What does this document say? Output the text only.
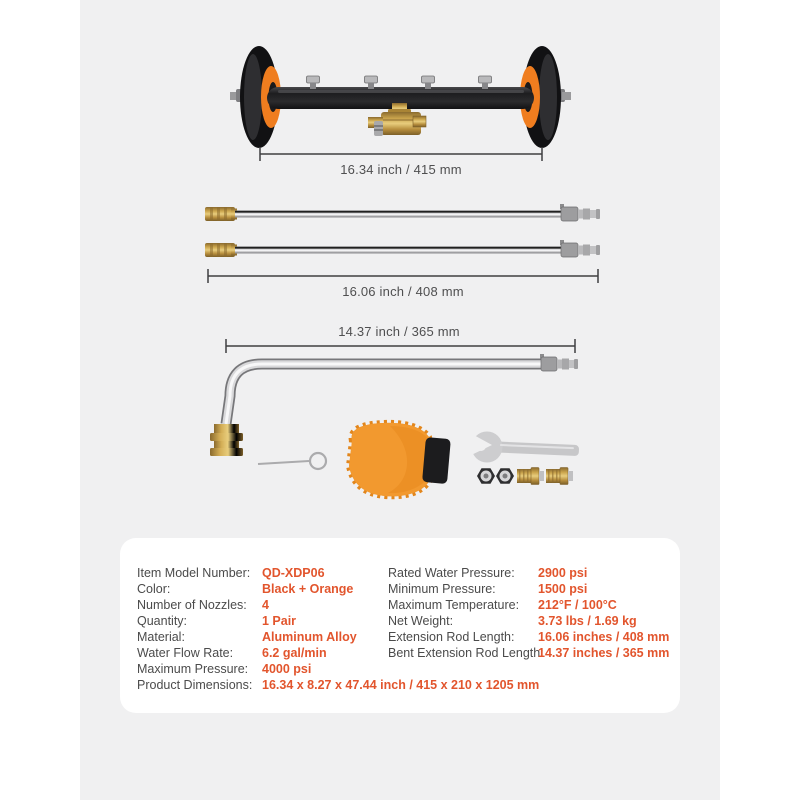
16.34 inch / 415 mm
16.06 inch / 408 mm
14.37 inch / 365 mm
Item Model Number: QD-XDP06
Color:	Black + Orange
Number of Nozzles:	4
Quantity:	1 Pair
Material:	Aluminum Alloy
Water Flow Rate:	6.2 gal/min
Maximum Pressure:	4000 psi
Product Dimensions: 16.34 x 8.27 x 47.44 inch / 415 x 210 x 1205 mm
Rated Water Pressure:	2900 psi
Minimum Pressure:	1500 psi
Maximum Temperature:	212°F / 100°C
Net Weight:	3.73 lbs / 1.69 kg
Extension Rod Length:	16.06 inches / 408 mm
Bent Extension Rod Length:
14.37 inches / 365 mm
